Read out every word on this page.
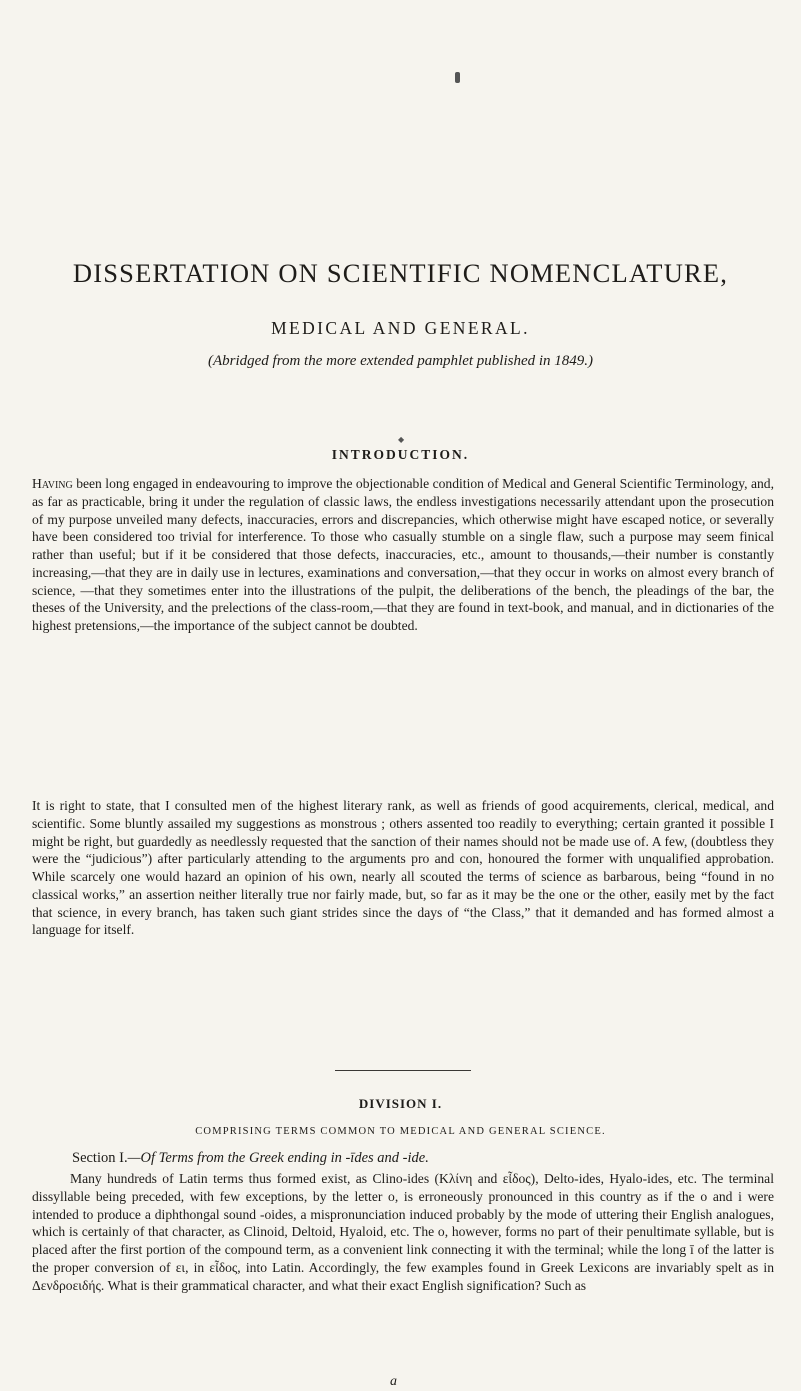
DISSERTATION ON SCIENTIFIC NOMENCLATURE,
MEDICAL AND GENERAL.
(Abridged from the more extended pamphlet published in 1849.)
◆
INTRODUCTION.

Having been long engaged in endeavouring to improve the objectionable condition of Medical and General Scientific Terminology, and, as far as practicable, bring it under the regulation of classic laws, the endless investigations necessarily attendant upon the prosecution of my purpose unveiled many defects, inaccuracies, errors and discrepancies, which otherwise might have escaped notice, or severally have been considered too trivial for interference. To those who casually stumble on a single flaw, such a purpose may seem finical rather than useful; but if it be considered that those defects, inaccuracies, etc., amount to thousands,—their number is constantly increasing,—that they are in daily use in lectures, examinations and conversation,—that they occur in works on almost every branch of science, —that they sometimes enter into the illustrations of the pulpit, the deliberations of the bench, the pleadings of the bar, the theses of the University, and the prelections of the class-room,—that they are found in text-book, and manual, and in dictionaries of the highest pretensions,—the importance of the subject cannot be doubted.

It is right to state, that I consulted men of the highest literary rank, as well as friends of good acquirements, clerical, medical, and scientific. Some bluntly assailed my suggestions as monstrous ; others assented too readily to everything; certain granted it possible I might be right, but guardedly as needlessly requested that the sanction of their names should not be made use of. A few, (doubtless they were the “judicious”) after particularly attending to the arguments pro and con, honoured the former with unqualified approbation. While scarcely one would hazard an opinion of his own, nearly all scouted the terms of science as barbarous, being “found in no classical works,” an assertion neither literally true nor fairly made, but, so far as it may be the one or the other, easily met by the fact that science, in every branch, has taken such giant strides since the days of “the Class,” that it demanded and has formed almost a language for itself.

DIVISION I.
COMPRISING TERMS COMMON TO MEDICAL AND GENERAL SCIENCE.
Section I.—Of Terms from the Greek ending in -īdes and -ide.

Many hundreds of Latin terms thus formed exist, as Clino-ides (Κλίνη and εἶδος), Delto-ides, Hyalo-ides, etc. The terminal dissyllable being preceded, with few exceptions, by the letter o, is erroneously pronounced in this country as if the o and i were intended to produce a diphthongal sound -oides, a mispronunciation induced probably by the mode of uttering their English analogues, which is certainly of that character, as Clinoid, Deltoid, Hyaloid, etc. The o, however, forms no part of their penultimate syllable, but is placed after the first portion of the compound term, as a convenient link connecting it with the terminal; while the long ī of the latter is the proper conversion of ει, in εἶδος, into Latin. Accordingly, the few examples found in Greek Lexicons are invariably spelt as in Δενδροειδής. What is their grammatical character, and what their exact English signification? Such as

a
